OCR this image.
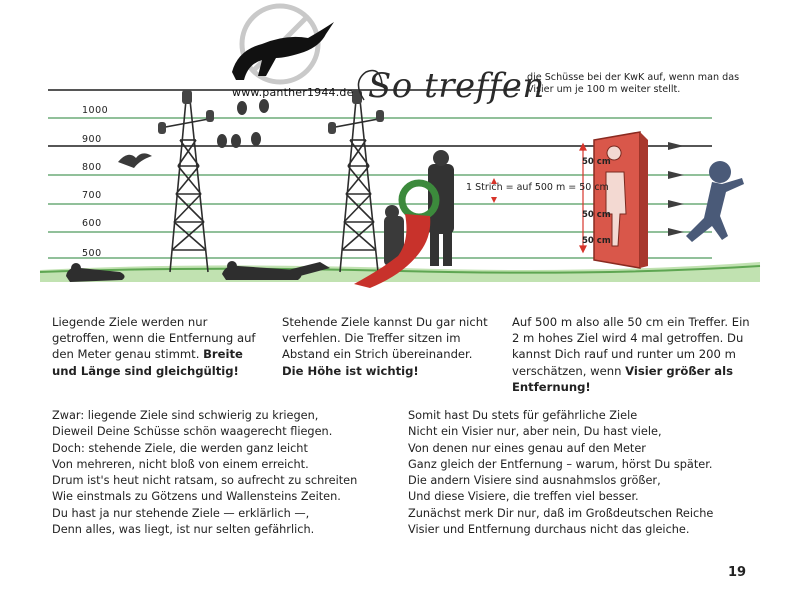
www.panther1944.de So treffen
die Schüsse bei der KwK auf, wenn man das Visier um je 100 m weiter stellt.
1000
900
800
700
600
500
1 Strich = auf 500 m = 50 cm
50 cm
50 cm
50 cm
Liegende Ziele werden nur getroffen, wenn die Entfernung auf den Meter genau stimmt. Breite und Länge sind gleichgültig!
Stehende Ziele kannst Du gar nicht verfehlen. Die Treffer sitzen im Abstand ein Strich übereinander. Die Höhe ist wichtig!
Auf 500 m also alle 50 cm ein Treffer. Ein 2 m hohes Ziel wird 4 mal getroffen. Du kannst Dich rauf und runter um 200 m verschätzen, wenn Visier größer als Entfernung!
Zwar: liegende Ziele sind schwierig zu kriegen,
Dieweil Deine Schüsse schön waagerecht fliegen.
Doch: stehende Ziele, die werden ganz leicht
Von mehreren, nicht bloß von einem erreicht.
Drum ist's heut nicht ratsam, so aufrecht zu schreiten
Wie einstmals zu Götzens und Wallensteins Zeiten.
Du hast ja nur stehende Ziele — erklärlich —,
Denn alles, was liegt, ist nur selten gefährlich.
Somit hast Du stets für gefährliche Ziele
Nicht ein Visier nur, aber nein, Du hast viele,
Von denen nur eines genau auf den Meter
Ganz gleich der Entfernung – warum, hörst Du später.
Die andern Visiere sind ausnahmslos größer,
Und diese Visiere, die treffen viel besser.
Zunächst merk Dir nur, daß im Großdeutschen Reiche
Visier und Entfernung durchaus nicht das gleiche.
19
